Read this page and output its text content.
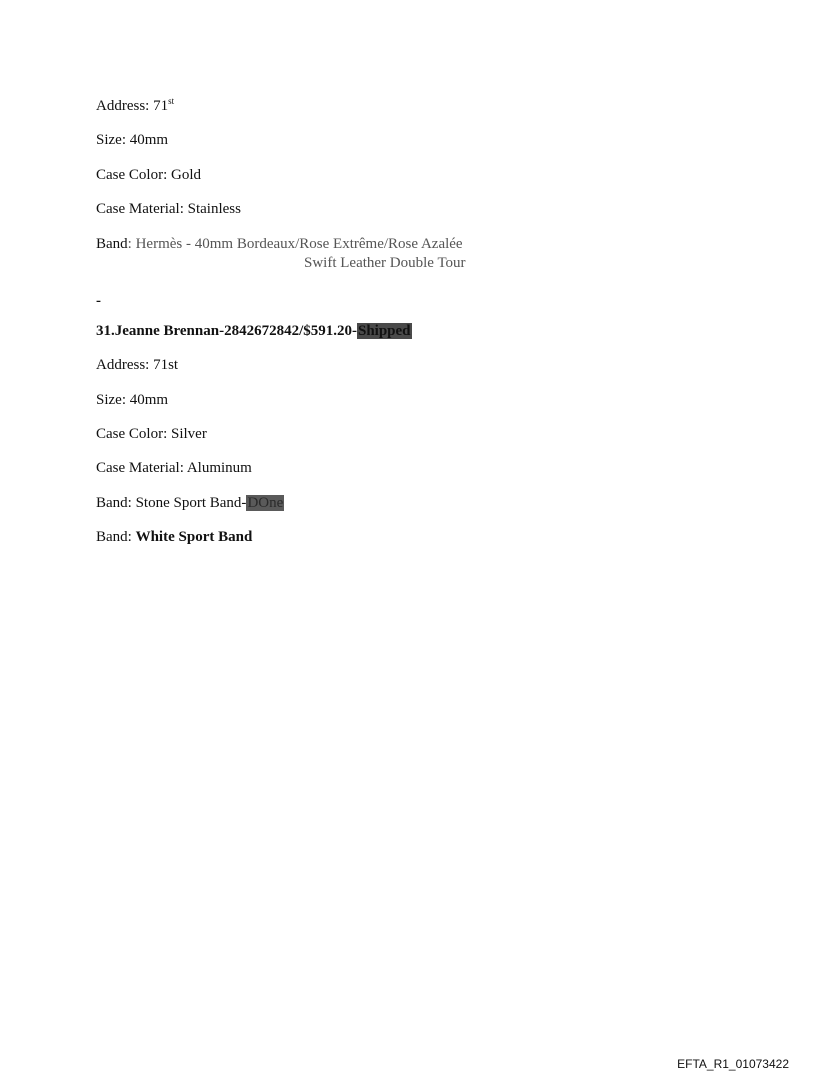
Address: 71st
Size: 40mm
Case Color: Gold
Case Material: Stainless
Band: Hermès - 40mm Bordeaux/Rose Extrême/Rose Azalée
Swift Leather Double Tour
-
31.Jeanne Brennan-2842672842/$591.20-Shipped
Address: 71st
Size: 40mm
Case Color: Silver
Case Material: Aluminum
Band: Stone Sport Band-DOne
Band: White Sport Band
EFTA_R1_01073422
